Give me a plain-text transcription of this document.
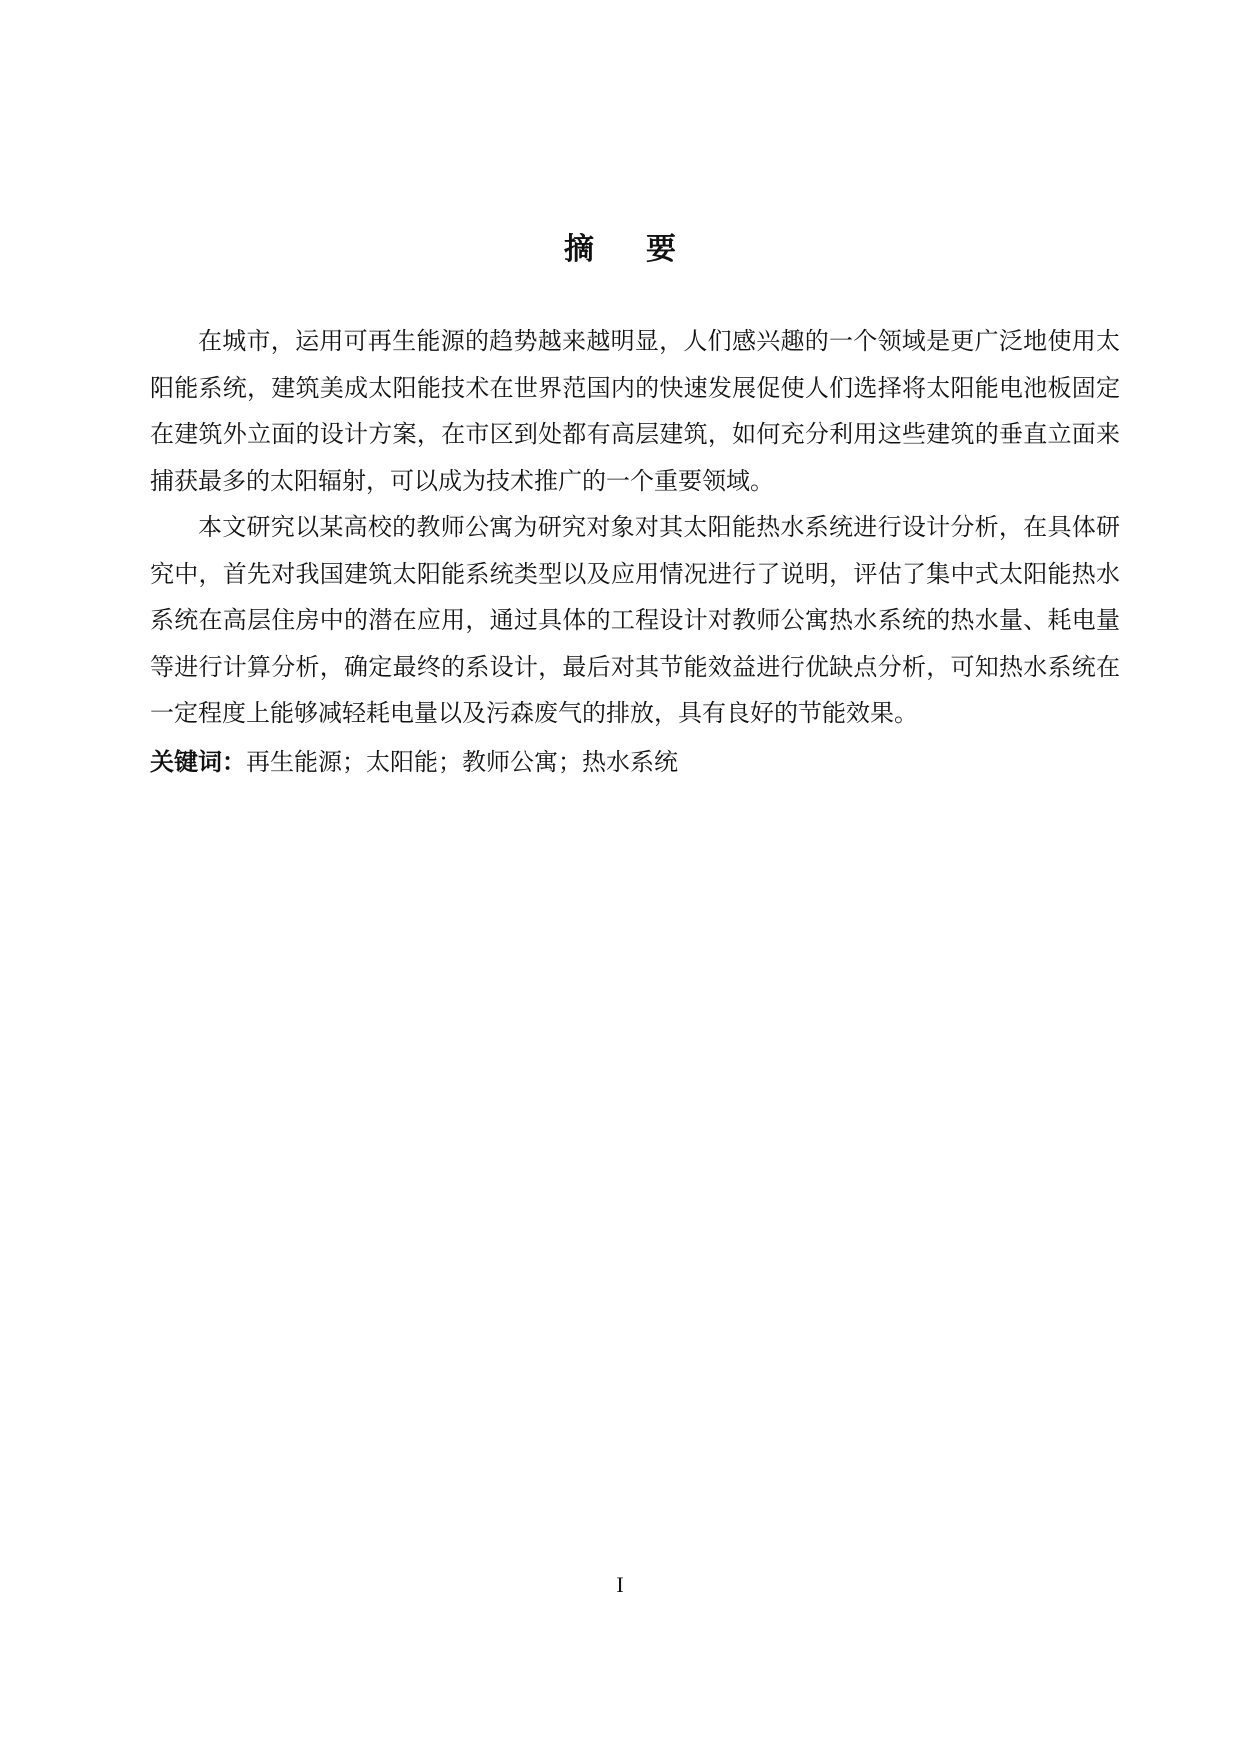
摘要

在城市，运用可再生能源的趋势越来越明显，人们感兴趣的一个领域是更广泛地使用太阳能系统，建筑美成太阳能技术在世界范国内的快速发展促使人们选择将太阳能电池板固定在建筑外立面的设计方案，在市区到处都有高层建筑，如何充分利用这些建筑的垂直立面来捕获最多的太阳辐射，可以成为技术推广的一个重要领域。

本文研究以某高校的教师公寓为研究对象对其太阳能热水系统进行设计分析，在具体研究中，首先对我国建筑太阳能系统类型以及应用情况进行了说明，评估了集中式太阳能热水系统在高层住房中的潜在应用，通过具体的工程设计对教师公寓热水系统的热水量、耗电量等进行计算分析，确定最终的系设计，最后对其节能效益进行优缺点分析，可知热水系统在一定程度上能够减轻耗电量以及污森废气的排放，具有良好的节能效果。

关键词：再生能源；太阳能；教师公寓；热水系统
I
